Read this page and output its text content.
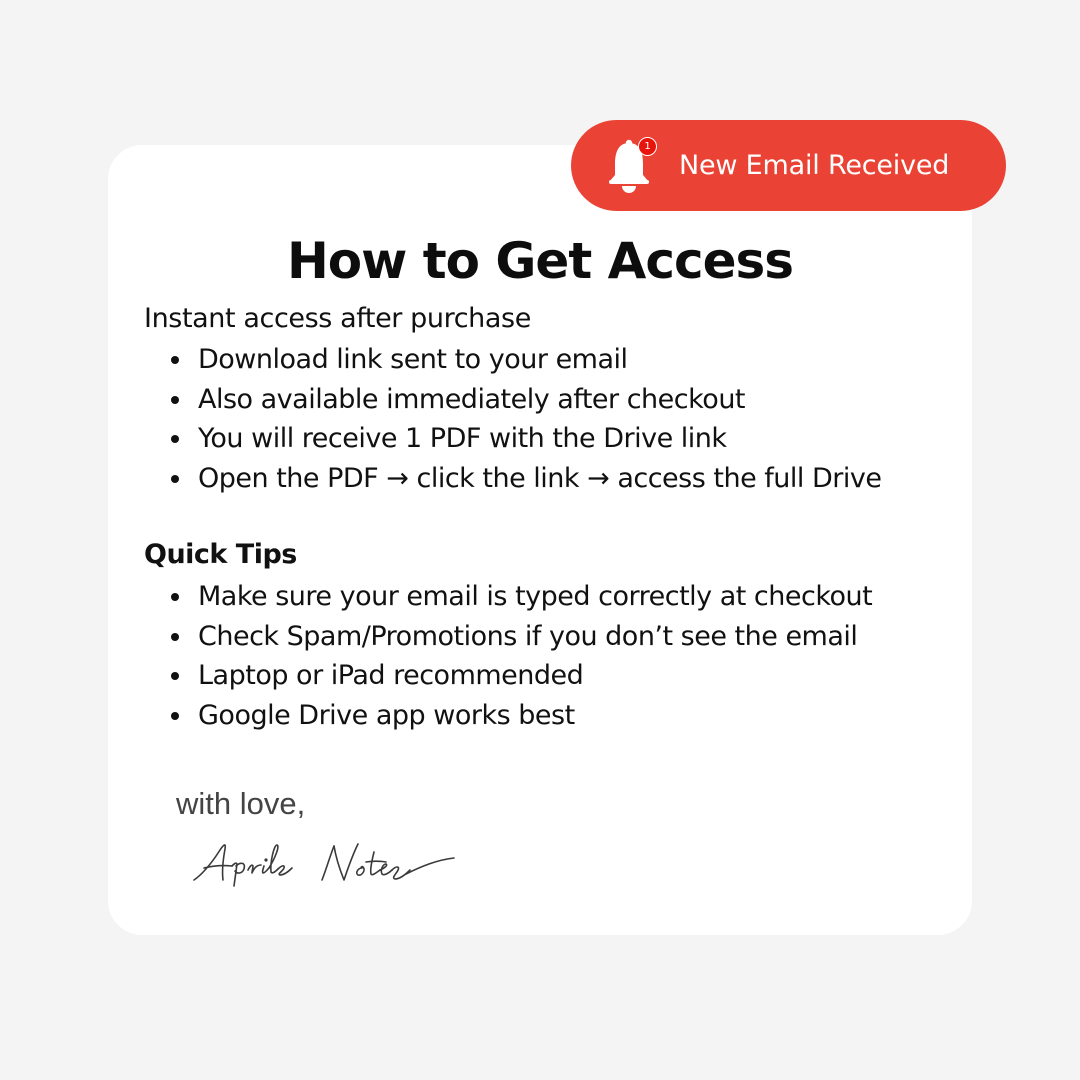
1
New Email Received
How to Get Access
Instant access after purchase
Download link sent to your email
Also available immediately after checkout
You will receive 1 PDF with the Drive link
Open the PDF → click the link → access the full Drive
Quick Tips
Make sure your email is typed correctly at checkout
Check Spam/Promotions if you don’t see the email
Laptop or iPad recommended
Google Drive app works best
with love,
